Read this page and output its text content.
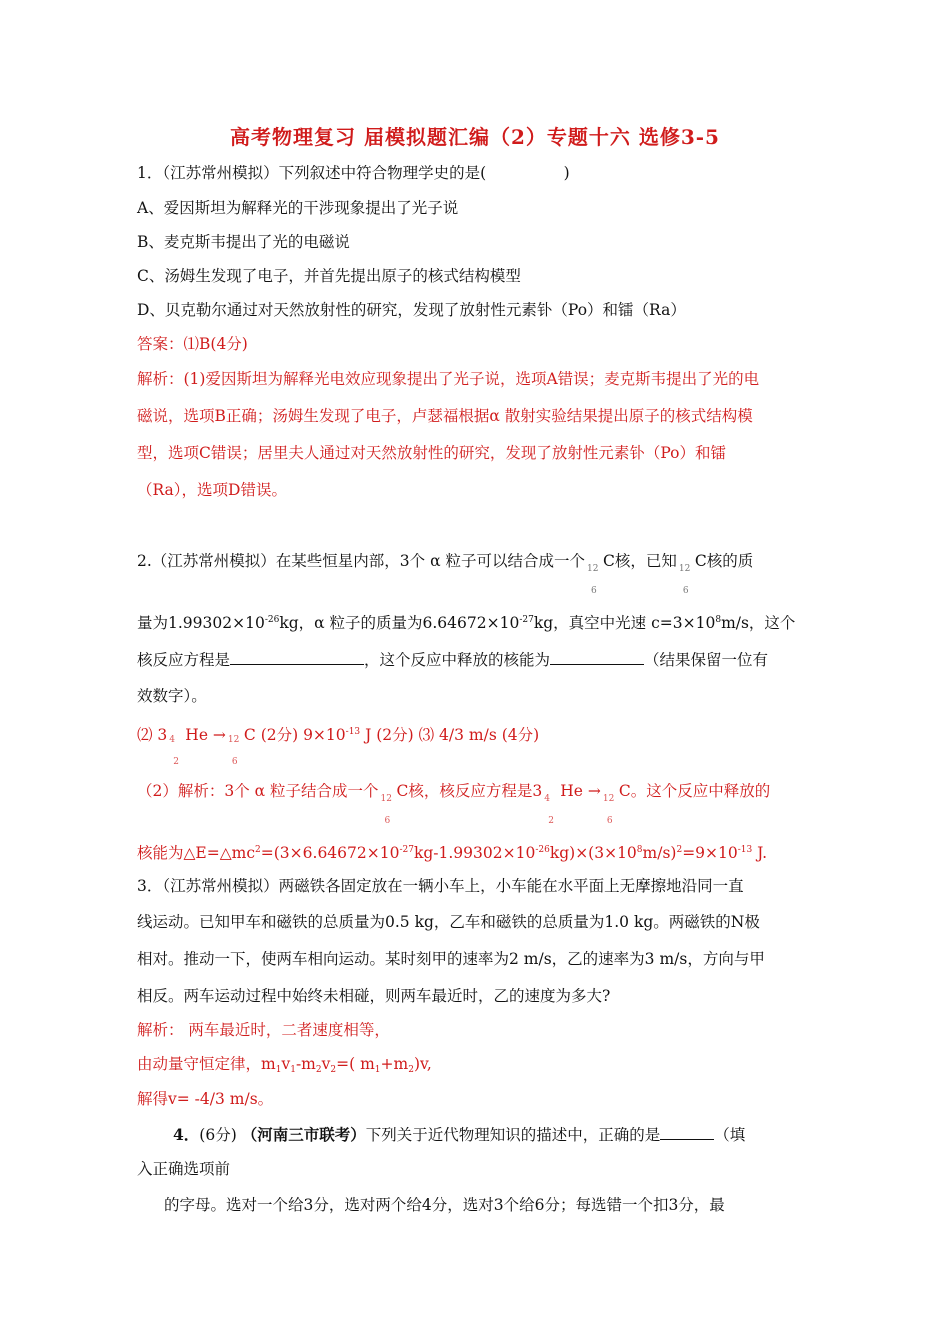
高考物理复习 届模拟题汇编（2）专题十六 选修3-5
1．（江苏常州模拟）下列叙述中符合物理学史的是(　　　　　)
A、爱因斯坦为解释光的干涉现象提出了光子说
B、麦克斯韦提出了光的电磁说
C、汤姆生发现了电子，并首先提出原子的核式结构模型
D、贝克勒尔通过对天然放射性的研究，发现了放射性元素钋（Po）和镭（Ra）
答案：⑴B(4分)
解析：(1)爱因斯坦为解释光电效应现象提出了光子说，选项A错误；麦克斯韦提出了光的电
磁说，选项B正确；汤姆生发现了电子，卢瑟福根据α 散射实验结果提出原子的核式结构模
型，选项C错误；居里夫人通过对天然放射性的研究，发现了放射性元素钋（Po）和镭
（Ra），选项D错误。
2.（江苏常州模拟）在某些恒星内部，3个 α 粒子可以结合成一个 12
6
C核，已知 12
6
C核的质
量为$1.99302\times 10^{-26}kg$，α 粒子的质量为$6.64672\times 10^{-27}kg$，真空中光速 $c=3\times 10^8m/s$，这个
核反应方程是	，这个反应中释放的核能为	（结果保留一位有
效数字）。
⑵ 3 4
2
He → 12
6
C (2分) $9\times 10^{-13}$ J (2分) ⑶ 4/3 m/s (4分)
（2）解析：3个 α 粒子结合成一个 12
6
C核，核反应方程是3 4
2
He → 12
6
C。这个反应中释放的
核能为$\triangle E=\triangle mc^2=(3\times 6.64672\times 10^{-27}kg-1.99302\times 10^{-26}kg)\times(3\times 10^8m/s)^2=9\times 10^{-13}$ J.
3．（江苏常州模拟）两磁铁各固定放在一辆小车上，小车能在水平面上无摩擦地沿同一直
线运动。已知甲车和磁铁的总质量为0.5 kg，乙车和磁铁的总质量为1.0 kg。两磁铁的N极
相对。推动一下，使两车相向运动。某时刻甲的速率为2 m/s，乙的速率为3 m/s，方向与甲
相反。两车运动过程中始终未相碰，则两车最近时，乙的速度为多大?
解析： 两车最近时，二者速度相等，
由动量守恒定律，$m_1v_1-m_2v_2=$( $m_1+m_2)v$,
解得v= -4/3 m/s。
4．(6分) （河南三市联考）下列关于近代物理知识的描述中，正确的是	（填
入正确选项前
的字母。选对一个给3分，选对两个给4分，选对3个给6分；每选错一个扣3分，最
